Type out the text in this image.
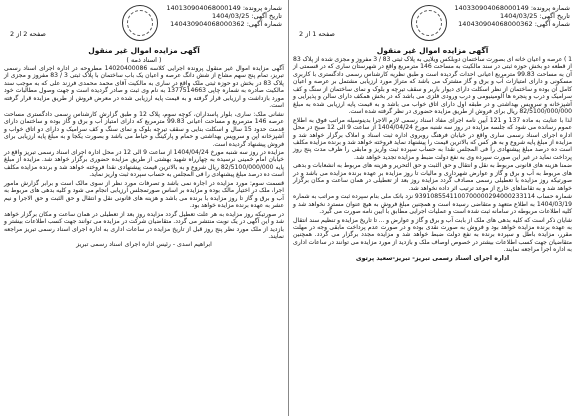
شماره پرونده: 140330904068000149
تاریخ آگهی: 1404/03/25
شماره آگهی: 140430904068000362
صفحه 1 از 2
آگهی مزایده اموال غیر منقول

1 ) عرصه و اعیان خانه ای بصورت ساختمان دوبلکس ویلایی به پلاک ثبتی 83 / 3 مفروز و مجزی شده از پلاک 83 از قطعه دو بخش حوزه ثبتی در سند مالکیت به مساحت 146 مترمربع واقع در شهرستان ساری که در قسمتی از آن به مساحت 99.83 مترمربع اعیانی احداث گردیده است و طبق نظریه کارشناس رسمی دادگستری با کاربری مسکونی و دارای امتیازات آب و برق و گاز مشترک می باشد که متراژ مورد ارزیابی مشتمل بر عرصه و اعیان کامل آن بوده و ساختمان از نظر اسکلت دارای دیوار باربر و سقف تیرچه و بلوک و نمای ساختمان از سنگ و کف سرامیک و درب و پنجره ها آلومینیومی و درب ورودی فلزی می باشد که در بخش همکف دارای سالن و پذیرایی و آشپزخانه و سرویس بهداشتی و در طبقه اول دارای اتاق خواب می باشد و به قیمت پایه ارزیابی شده به مبلغ 82/5100/000/000 ریال برای فروش از طریق مزایده حضوری در نظر گرفته شده است.

لذا با عنایت به ماده 137 و 121 آیین نامه اجرای مفاد اسناد رسمی لازم الاجرا بدینوسیله مراتب فوق به اطلاع عموم رسانده می شود که جلسه مزایده در روز سه شنبه مورخ 1404/04/24 از ساعت 9 الی 12 صبح در محل اداره اجرای اسناد رسمی ساری واقع در خیابان فرهنگ روبروی اداره ثبت اسناد و املاک برگزار خواهد شد و مزایده از مبلغ پایه شروع و به هر کس که بالاترین قیمت را پیشنهاد نماید فروخته خواهد شد و برنده مزایده مکلف است ده درصد مبلغ پیشنهادی را فی المجلس نقدا به حساب سپرده ثبت واریز و مابقی را ظرف مدت پنج روز پرداخت نماید در غیر این صورت سپرده وی به نفع دولت ضبط و مزایده تجدید خواهد شد.

ضمنا هزینه های قانونی مربوط به نقل و انتقال و حق الثبت و حق التحریر و هزینه های مربوط به انشعابات و بدهی های مربوط به آب و برق و گاز و عوارض شهرداری و مالیات تا روز مزایده بر عهده برنده مزایده می باشد و در صورتیکه روز مزایده با تعطیلی رسمی مصادف گردد مزایده روز بعد از تعطیلی در همان ساعت و مکان برگزار خواهد شد و به تقاضاهای خارج از موعد ترتیب اثر داده نخواهد شد.

شماره حساب 9391085541100700000294000233114 نزد بانک ملی بنام سپرده ثبت و مراتب به شماره 1404/03/19 به اطلاع متعهد و متقاضی رسیده است و همچنین مبلغ فروش به هیچ عنوان مسترد نخواهد شد و کلیه اطلاعات مربوطه در سامانه ثبت شده است و عملیات اجرایی مطابق با آیین نامه صورت می گیرد.

شایان ذکر است که کلیه بدهی های ملک از بابت آب و برق و گاز و عوارض و ... تا تاریخ مزایده و تنظیم سند انتقال به عهده برنده مزایده خواهد بود و فروش به صورت نقدی بوده و در صورت عدم پرداخت مابقی وجه در مهلت مقرر، مزایده باطل و سپرده برنده به نفع دولت ضبط خواهد شد و مزایده مجدد برگزار می گردد. همچنین متقاضیان جهت کسب اطلاعات بیشتر در خصوص اوصاف ملک و بازدید از مورد مزایده می توانند در ساعات اداری به اداره اجرا مراجعه نمایند.

اداره اجرای اسناد رسمی تبریز- تبریز-سعید پرتوی
شماره پرونده: 140130904068000149
تاریخ آگهی: 1404/03/25
شماره آگهی: 140430904068000362
صفحه 2 از 2
آگهی مزایده اموال غیر منقول
( اسناد ذمه )

آگهی مزایده اموال غیر منقول پرونده اجرایی کلاسه 14020400086 مطروحه در اداره اجرای اسناد رسمی تبریز، تمام پنج سهم مشاع از شش دانگ عرصه و اعیان یک باب ساختمان با پلاک ثبتی 3 / 83 مفروز و مجزی از پلاک 83 در بخش دو حوزه ثبتی ملک واقع در ساری به مالکیت آقای محمد محمدی فرزند علی که به موجب سند مالکیت صادره به شماره چاپی 1377514663 به نام وی ثبت و صادر گردیده است و جهت وصول مطالبات خود مورد بازداشت و ارزیابی قرار گرفته و به قیمت پایه ارزیابی شده در معرض فروش از طریق مزایده قرار گرفته است.

نشانی ملک: ساری، بلوار پاسداران، کوچه سوم، پلاک 12 و طبق گزارش کارشناس رسمی دادگستری مساحت عرصه 146 مترمربع و مساحت اعیانی 99.83 مترمربع که دارای امتیاز آب و برق و گاز بوده و ساختمان دارای قدمت حدود 15 سال و اسکلت بنایی و سقف تیرچه بلوک و نمای سنگ و کف سرامیک و دارای دو اتاق خواب و آشپزخانه اپن و سرویس بهداشتی و حمام و پارکینگ و حیاط می باشد و بصورت یکجا و به مبلغ پایه ارزیابی برای فروش پیشنهاد گردیده است.

مزایده در روز سه شنبه مورخ 1404/04/24 از ساعت 9 الی 12 در محل اداره اجرای اسناد رسمی تبریز واقع در خیابان امام خمینی نرسیده به چهارراه شهید بهشتی از طریق مزایده حضوری برگزار خواهد شد. مزایده از مبلغ پایه 82/5100/000/000 ریال شروع و به بالاترین قیمت پیشنهادی نقدا فروخته خواهد شد و برنده مزایده مکلف است ده درصد مبلغ پیشنهادی را فی المجلس به حساب سپرده ثبت واریز نماید.

قسمت سوم: مورد مزایده در اجاره نمی باشد و تصرفات مورد نظر از سوی مالک است و برابر گزارش مامور اجرا، ملک در اختیار مالک بوده و مزایده بر اساس صورتمجلس ارزیابی انجام می شود و کلیه بدهی های مربوط به آب و برق و گاز تا روز مزایده با برنده می باشد و هزینه های قانونی نقل و انتقال و حق الثبت و حق الاجرا و نیم عشر به عهده برنده مزایده خواهد بود.

در صورتیکه روز مزایده به هر علت تعطیل گردد مزایده روز بعد از تعطیلی در همان ساعت و مکان برگزار خواهد شد و این آگهی در یک نوبت منتشر می گردد. متقاضیان شرکت در مزایده می توانند جهت کسب اطلاعات بیشتر و بازدید از ملک مورد نظر پنج روز قبل از تاریخ مزایده در ساعات اداری به اداره اجرای اسناد رسمی تبریز مراجعه نمایند.

ابراهیم اسدی - رئیس اداره اجرای اسناد رسمی تبریز
